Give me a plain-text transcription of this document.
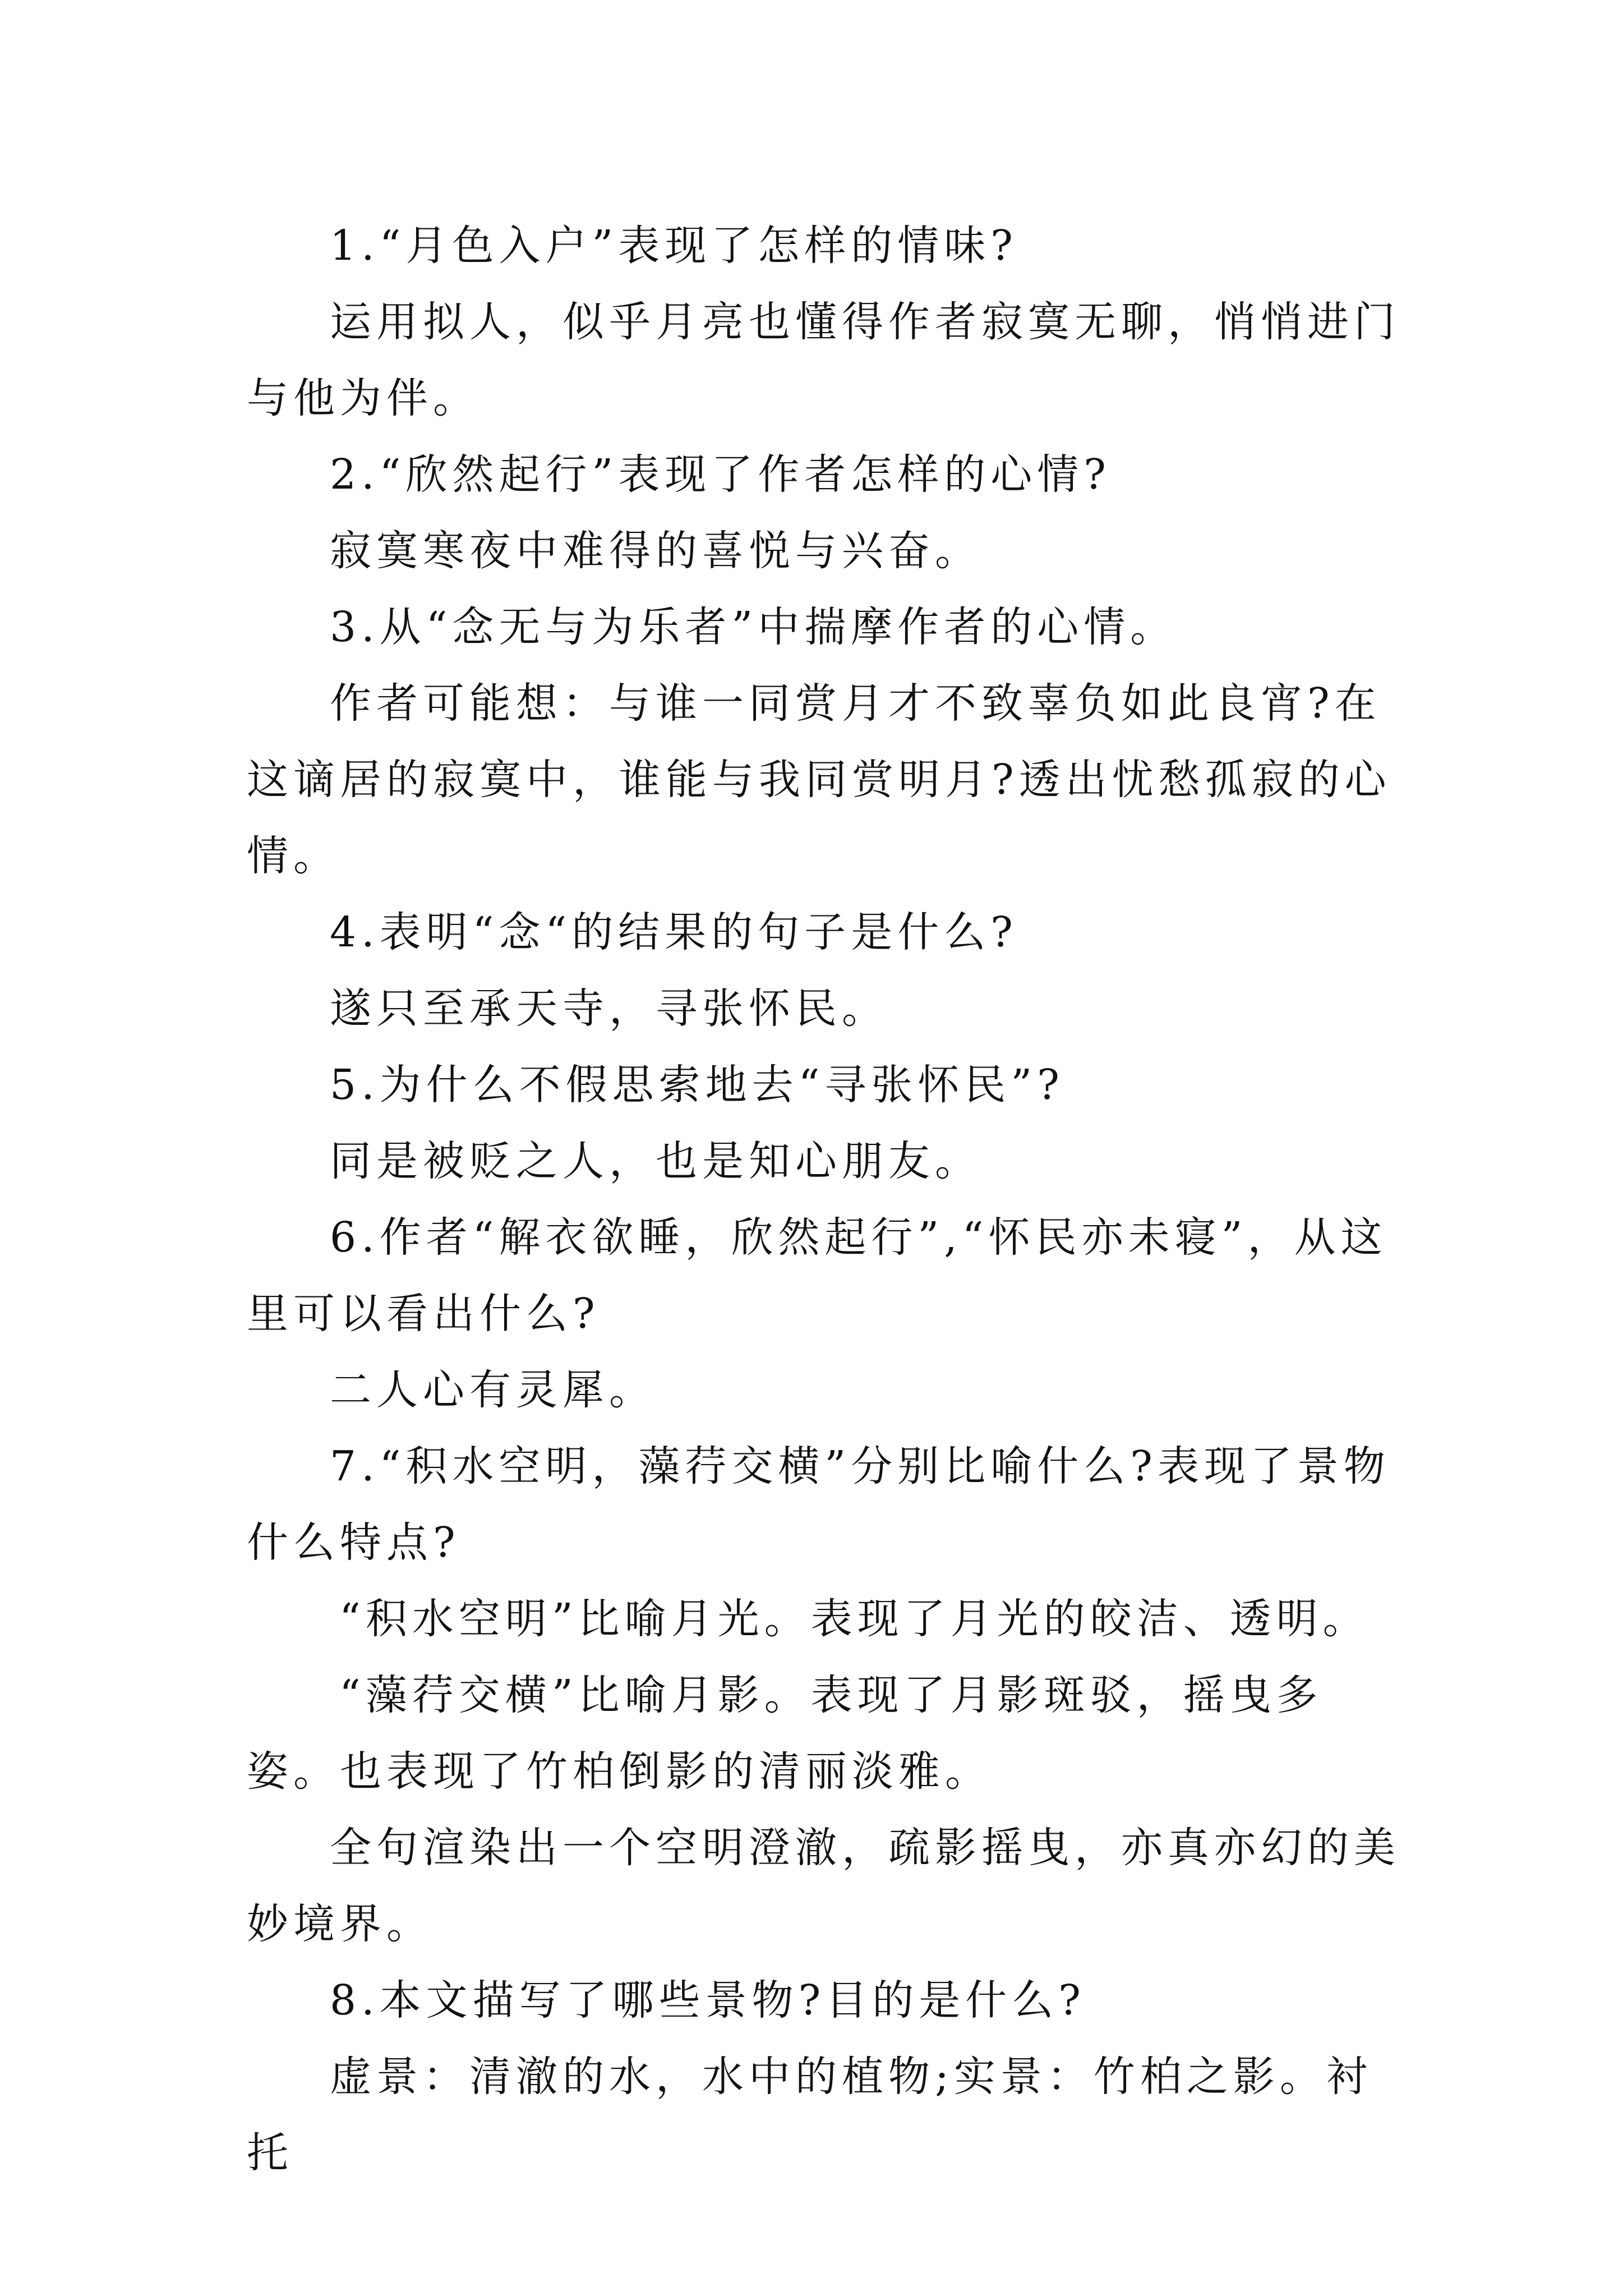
1.“月色入户”表现了怎样的情味?

运用拟人，似乎月亮也懂得作者寂寞无聊，悄悄进门与他为伴。

2.“欣然起行”表现了作者怎样的心情?

寂寞寒夜中难得的喜悦与兴奋。

3.从“念无与为乐者”中揣摩作者的心情。

作者可能想：与谁一同赏月才不致辜负如此良宵?在这谪居的寂寞中，谁能与我同赏明月?透出忧愁孤寂的心情。

4.表明“念“的结果的句子是什么?

遂只至承天寺，寻张怀民。

5.为什么不假思索地去“寻张怀民”?

同是被贬之人，也是知心朋友。

6.作者“解衣欲睡，欣然起行”,“怀民亦未寝”，从这里可以看出什么?

二人心有灵犀。

7.“积水空明，藻荇交横”分别比喻什么?表现了景物什么特点?

“积水空明”比喻月光。表现了月光的皎洁、透明。

“藻荇交横”比喻月影。表现了月影斑驳，摇曳多姿。也表现了竹柏倒影的清丽淡雅。

全句渲染出一个空明澄澈，疏影摇曳，亦真亦幻的美妙境界。

8.本文描写了哪些景物?目的是什么?

虚景：清澈的水，水中的植物;实景：竹柏之影。衬托
